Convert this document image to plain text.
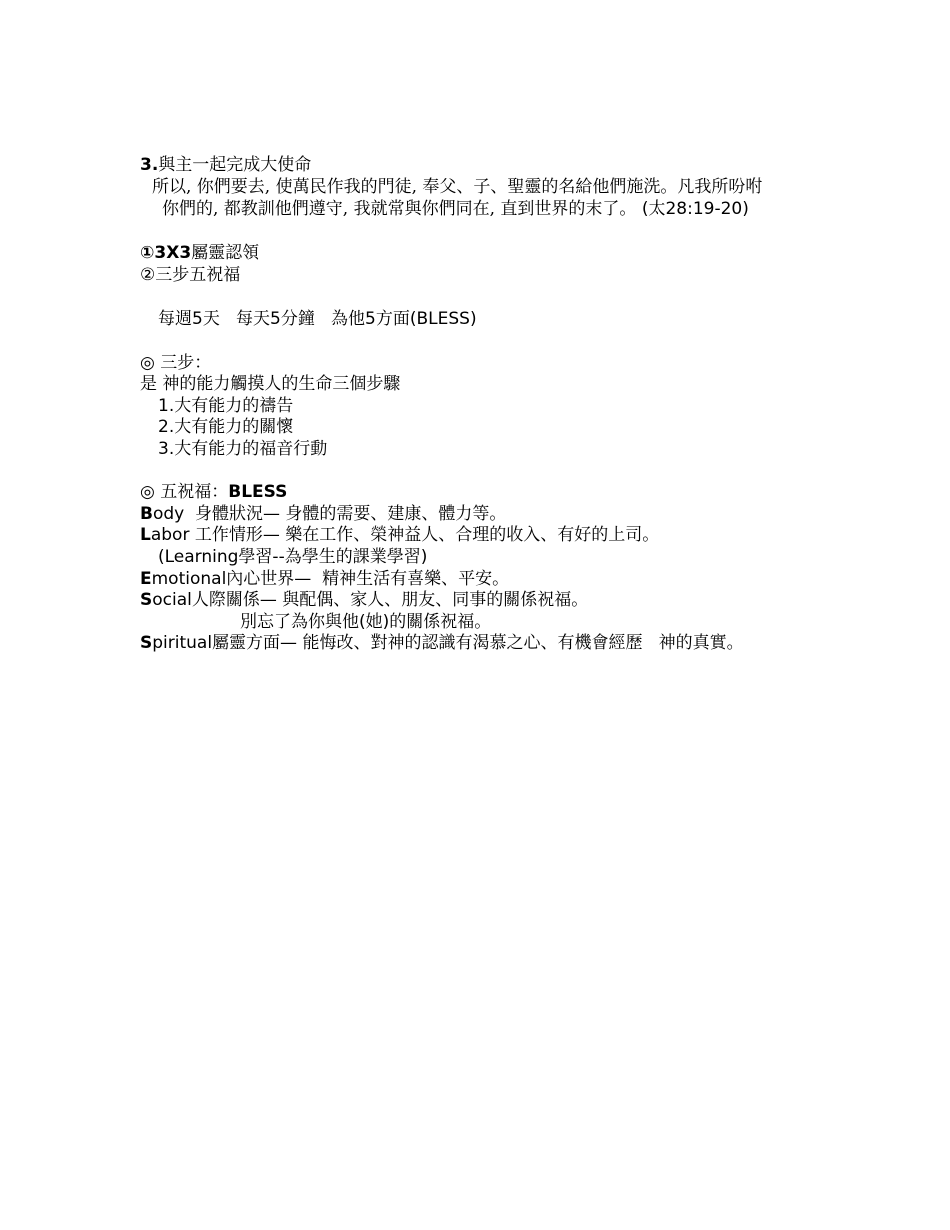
3.與主一起完成大使命
所以, 你們要去, 使萬民作我的門徒, 奉父、子、聖靈的名給他們施洗。凡我所吩咐
你們的, 都教訓他們遵守, 我就常與你們同在, 直到世界的末了。 (太28:19-20)
①3X3屬靈認領
②三步五祝福
每週5天   每天5分鐘   為他5方面(BLESS)
◎ 三步：
是 神的能力觸摸人的生命三個步驟
1.大有能力的禱告
2.大有能力的關懷
3.大有能力的福音行動
◎ 五祝福：BLESS
Body  身體狀況— 身體的需要、建康、體力等。
Labor 工作情形— 樂在工作、榮神益人、合理的收入、有好的上司。
(Learning學習--為學生的課業學習)
Emotional內心世界—  精神生活有喜樂、平安。
Social人際關係— 與配偶、家人、朋友、同事的關係祝福。
別忘了為你與他(她)的關係祝福。
Spiritual屬靈方面— 能悔改、對神的認識有渴慕之心、有機會經歷   神的真實。
